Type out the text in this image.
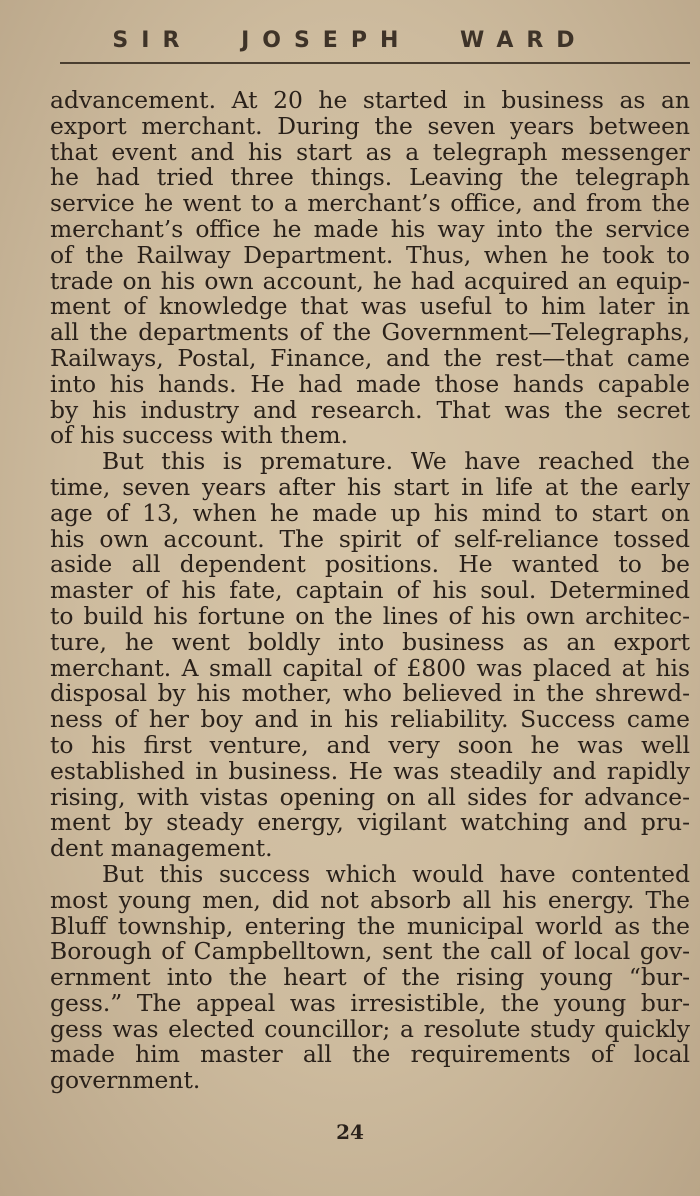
SIR JOSEPH WARD
advancement. At 20 he started in business as an
export merchant. During the seven years between
that event and his start as a telegraph messenger
he had tried three things. Leaving the telegraph
service he went to a merchant’s office, and from the
merchant’s office he made his way into the service
of the Railway Department. Thus, when he took to
trade on his own account, he had acquired an equip-
ment of knowledge that was useful to him later in
all the departments of the Government—Telegraphs,
Railways, Postal, Finance, and the rest—that came
into his hands. He had made those hands capable
by his industry and research. That was the secret
of his success with them.
But this is premature. We have reached the
time, seven years after his start in life at the early
age of 13, when he made up his mind to start on
his own account. The spirit of self-reliance tossed
aside all dependent positions. He wanted to be
master of his fate, captain of his soul. Determined
to build his fortune on the lines of his own architec-
ture, he went boldly into business as an export
merchant. A small capital of £800 was placed at his
disposal by his mother, who believed in the shrewd-
ness of her boy and in his reliability. Success came
to his first venture, and very soon he was well
established in business. He was steadily and rapidly
rising, with vistas opening on all sides for advance-
ment by steady energy, vigilant watching and pru-
dent management.
But this success which would have contented
most young men, did not absorb all his energy. The
Bluff township, entering the municipal world as the
Borough of Campbelltown, sent the call of local gov-
ernment into the heart of the rising young “bur-
gess.” The appeal was irresistible, the young bur-
gess was elected councillor; a resolute study quickly
made him master all the requirements of local
government.
24
